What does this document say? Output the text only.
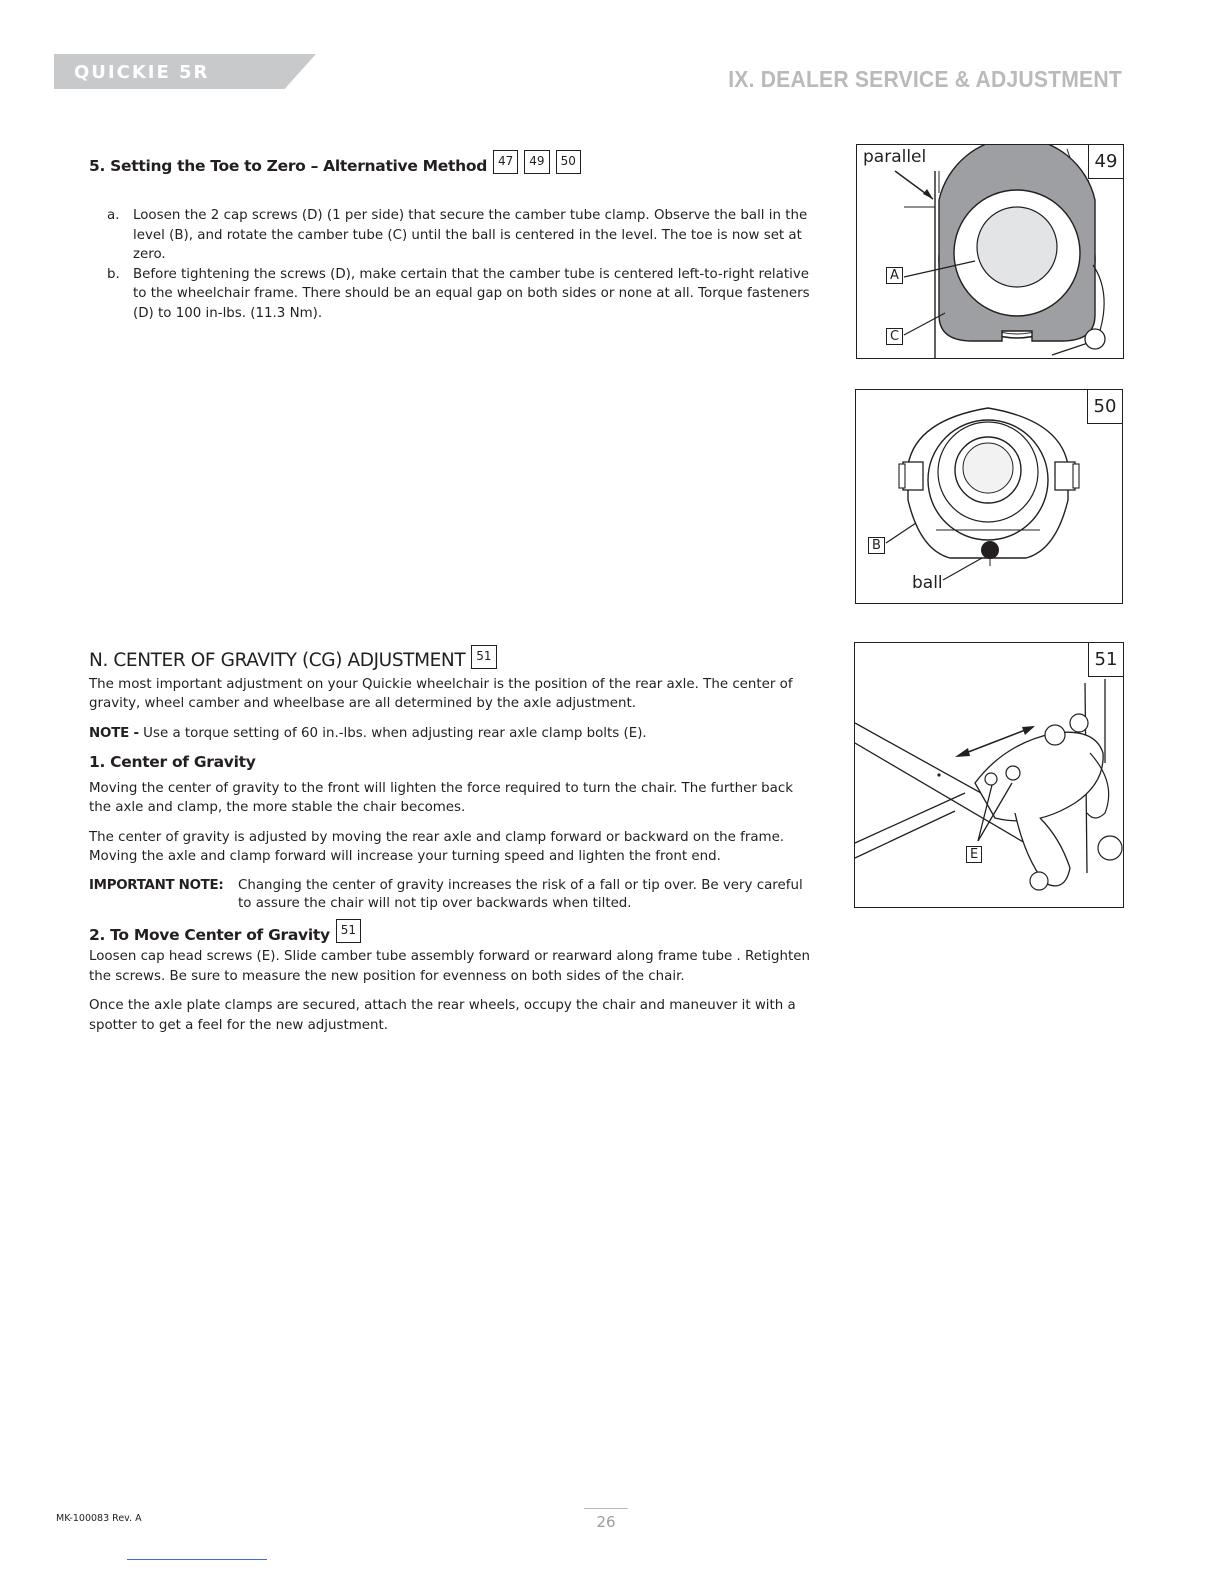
QUICKIE 5R	IX. DEALER SERVICE & ADJUSTMENT
5. Setting the Toe to Zero – Alternative Method 47 49 50
a. Loosen the 2 cap screws (D) (1 per side) that secure the camber tube clamp. Observe the ball in the level (B), and rotate the camber tube (C) until the ball is centered in the level. The toe is now set at zero.
b. Before tightening the screws (D), make certain that the camber tube is centered left-to-right relative to the wheelchair frame. There should be an equal gap on both sides or none at all. Torque fasteners (D) to 100 in-lbs. (11.3 Nm).
N. CENTER OF GRAVITY (CG) ADJUSTMENT 51

The most important adjustment on your Quickie wheelchair is the position of the rear axle. The center of gravity, wheel camber and wheelbase are all determined by the axle adjustment.

NOTE - Use a torque setting of 60 in.-lbs. when adjusting rear axle clamp bolts (E).

1. Center of Gravity

Moving the center of gravity to the front will lighten the force required to turn the chair. The further back the axle and clamp, the more stable the chair becomes.

The center of gravity is adjusted by moving the rear axle and clamp forward or backward on the frame. Moving the axle and clamp forward will increase your turning speed and lighten the front end.

IMPORTANT NOTE: Changing the center of gravity increases the risk of a fall or tip over. Be very careful to assure the chair will not tip over backwards when tilted.
2. To Move Center of Gravity 51

Loosen cap head screws (E). Slide camber tube assembly forward or rearward along frame tube . Retighten the screws. Be sure to measure the new position for evenness on both sides of the chair.

Once the axle plate clamps are secured, attach the rear wheels, occupy the chair and maneuver it with a spotter to get a feel for the new adjustment.

parallel
A
C
49
B
ball
50
E
51
MK-100083 Rev. A	26
